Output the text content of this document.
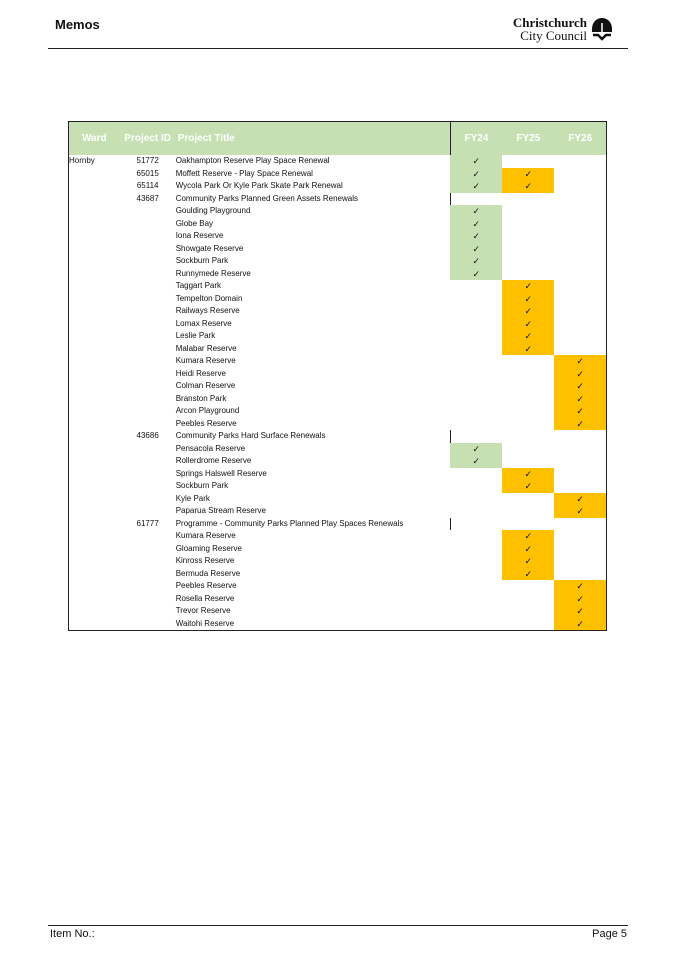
Memos	Christchurch
City Council
Ward	Project ID	Project Title	FY24	FY25	FY26
Hornby	51772	Oakhampton Reserve Play Space Renewal	✓		
	65015	Moffett Reserve - Play Space Renewal	✓	✓	
	65114	Wycola Park Or Kyle Park Skate Park Renewal	✓	✓	
	43687	Community Parks Planned Green Assets Renewals			
		Goulding Playground	✓		
		Globe Bay	✓		
		Iona Reserve	✓		
		Showgate Reserve	✓		
		Sockburn Park	✓		
		Runnymede Reserve	✓		
		Taggart Park		✓	
		Tempelton Domain		✓	
		Railways Reserve		✓	
		Lomax Reserve		✓	
		Leslie Park		✓	
		Malabar Reserve		✓	
		Kumara Reserve			✓
		Heidi Reserve			✓
		Colman Reserve			✓
		Branston Park			✓
		Arcon Playground			✓
		Peebles Reserve			✓
	43686	Community Parks Hard Surface Renewals			
		Pensacola Reserve	✓		
		Rollerdrome Reserve	✓		
		Springs Halswell Reserve		✓	
		Sockburn Park		✓	
		Kyle Park			✓
		Paparua Stream Reserve			✓
	61777	Programme - Community Parks Planned Play Spaces Renewals			
		Kumara Reserve		✓	
		Gloaming Reserve		✓	
		Kinross Reserve		✓	
		Bermuda Reserve		✓	
		Peebles Reserve			✓
		Rosella Reserve			✓
		Trevor Reserve			✓
		Waitohi Reserve			✓
Item No.:	Page 5
